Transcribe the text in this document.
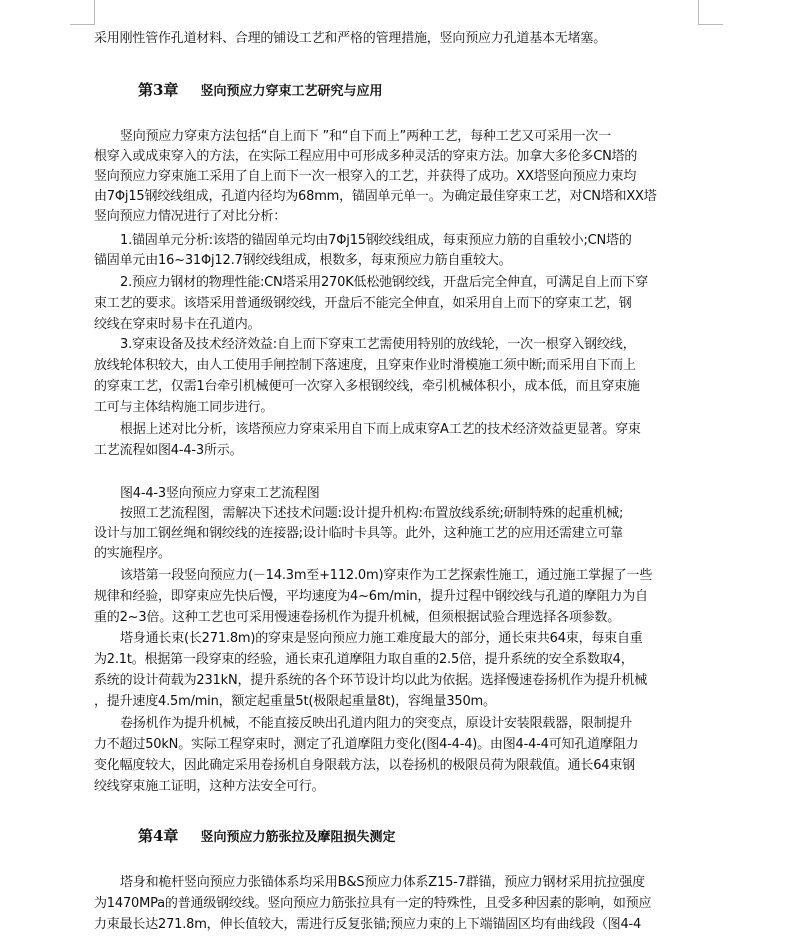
采用刚性管作孔道材料、合理的铺设工艺和严格的管理措施，竖向预应力孔道基本无堵塞。
第3章 竖向预应力穿束工艺研究与应用
竖向预应力穿束方法包括“自上而下 ”和“自下而上”两种工艺，每种工艺又可采用一次一
根穿入或成束穿入的方法，在实际工程应用中可形成多种灵活的穿束方法。加拿大多伦多CN塔的
竖向预应力穿束施工采用了自上而下一次一根穿入的工艺，并获得了成功。XX塔竖向预应力束均
由7Φj15钢绞线组成，孔道内径均为68mm，锚固单元单一。为确定最佳穿束工艺，对CN塔和XX塔
竖向预应力情况进行了对比分析：
1.锚固单元分析:该塔的锚固单元均由7Φj15钢绞线组成，每束预应力筋的自重较小;CN塔的
锚固单元由16~31Φj12.7钢绞线组成，根数多，每束预应力筋自重较大。
2.预应力钢材的物理性能:CN塔采用270K低松弛钢绞线，开盘后完全伸直，可满足自上而下穿
束工艺的要求。该塔采用普通级钢绞线，开盘后不能完全伸直，如采用自上而下的穿束工艺，钢
绞线在穿束时易卡在孔道内。
3.穿束设备及技术经济效益:自上而下穿束工艺需使用特别的放线轮，一次一根穿入钢绞线，
放线轮体积较大，由人工使用手闸控制下落速度，且穿束作业时滑模施工须中断;而采用自下而上
的穿束工艺，仅需1台牵引机械便可一次穿入多根钢绞线，牵引机械体积小，成本低，而且穿束施
工可与主体结构施工同步进行。
根据上述对比分析，该塔预应力穿束采用自下而上成束穿A工艺的技术经济效益更显著。穿束
工艺流程如图4-4-3所示。
图4-4-3竖向预应力穿束工艺流程图
按照工艺流程图，需解决下述技术问题:设计提升机构:布置放线系统;研制特殊的起重机械;
设计与加工钢丝绳和钢绞线的连接器;设计临时卡具等。此外，这种施工艺的应用还需建立可靠
的实施程序。
该塔第一段竖向预应力(－14.3m至+112.0m)穿束作为工艺探索性施工，通过施工掌握了一些
规律和经验，即穿束应先快后慢，平均速度为4~6m/min，提升过程中钢绞线与孔道的摩阻力为自
重的2~3倍。这种工艺也可采用慢速卷扬机作为提升机械，但须根据试验合理选择各项参数。
塔身通长束(长271.8m)的穿束是竖向预应力施工难度最大的部分，通长束共64束，每束自重
为2.1t。根据第一段穿束的经验，通长束孔道摩阻力取自重的2.5倍，提升系统的安全系数取4，
系统的设计荷载为231kN，提升系统的各个环节设计均以此为依据。选择慢速卷扬机作为提升机械
，提升速度4.5m/min，额定起重量5t(极限起重量8t)，容绳量350m。
卷扬机作为提升机械，不能直接反映出孔道内阻力的突变点，原设计安装限载器，限制提升
力不超过50kN。实际工程穿束时，测定了孔道摩阻力变化(图4-4-4)。由图4-4-4可知孔道摩阻力
变化幅度较大，因此确定采用卷扬机自身限载方法，以卷扬机的极限员荷为限载值。通长64束钢
绞线穿束施工证明，这种方法安全可行。
第4章 竖向预应力筋张拉及摩阻损失测定
塔身和桅杆竖向预应力张锚体系均采用B&S预应力体系Z15-7群锚，预应力钢材采用抗拉强度
为1470MPa的普通级钢绞线。竖向预应力筋张拉具有一定的特殊性，且受多种因素的影响，如预应
力束最长达271.8m，伸长值较大，需进行反复张锚;预应力束的上下端锚固区均有曲线段（图4-4
